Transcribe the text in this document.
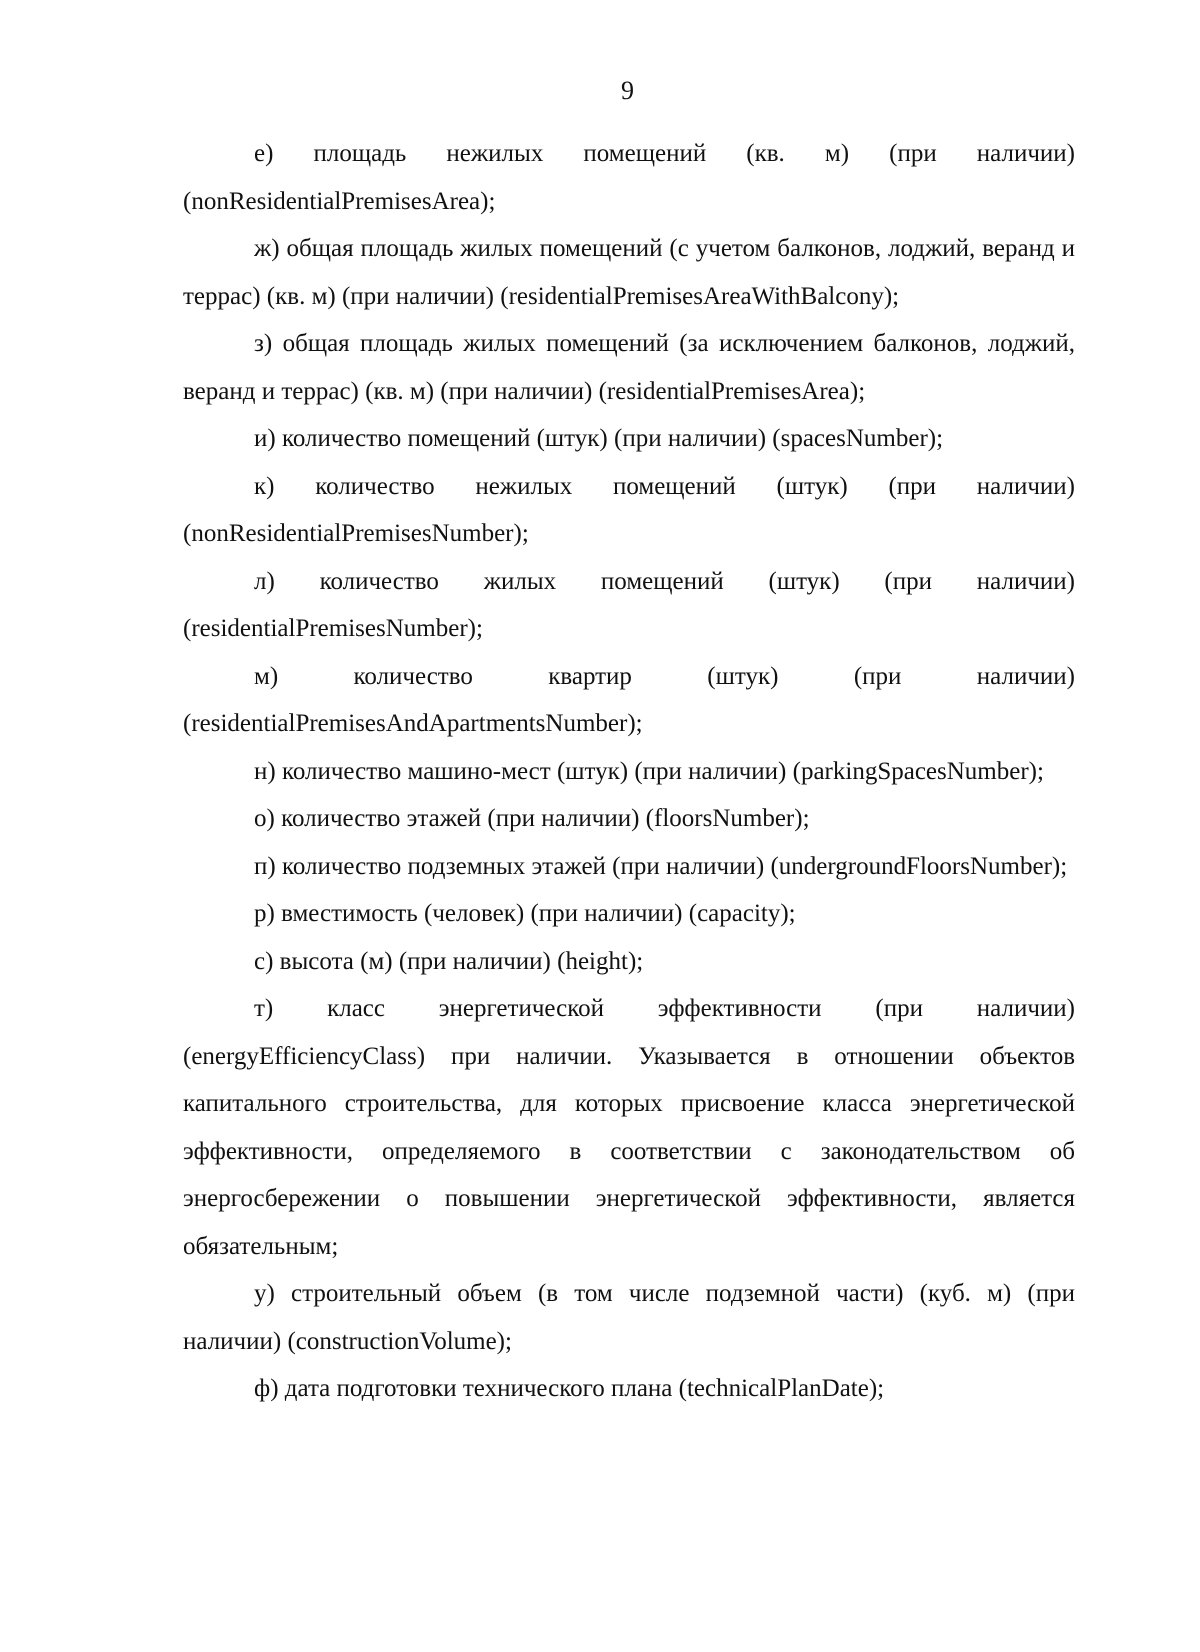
9

е) площадь нежилых помещений (кв. м) (при наличии) (nonResidentialPremisesArea);

ж) общая площадь жилых помещений (с учетом балконов, лоджий, веранд и террас) (кв. м) (при наличии) (residentialPremisesAreaWithBalcony);

з) общая площадь жилых помещений (за исключением балконов, лоджий, веранд и террас) (кв. м) (при наличии) (residentialPremisesArea);

и) количество помещений (штук) (при наличии) (spacesNumber);

к) количество нежилых помещений (штук) (при наличии) (nonResidentialPremisesNumber);

л) количество жилых помещений (штук) (при наличии) (residentialPremisesNumber);

м) количество квартир (штук) (при наличии) (residentialPremisesAndApartmentsNumber);

н) количество машино-мест (штук) (при наличии) (parkingSpacesNumber);

о) количество этажей (при наличии) (floorsNumber);

п) количество подземных этажей (при наличии) (undergroundFloorsNumber);

р) вместимость (человек) (при наличии) (capacity);

с) высота (м) (при наличии) (height);

т) класс энергетической эффективности (при наличии) (energyEfficiencyClass) при наличии. Указывается в отношении объектов капитального строительства, для которых присвоение класса энергетической эффективности, определяемого в соответствии с законодательством об энергосбережении о повышении энергетической эффективности, является обязательным;

у) строительный объем (в том числе подземной части) (куб. м) (при наличии) (constructionVolume);

ф) дата подготовки технического плана (technicalPlanDate);
